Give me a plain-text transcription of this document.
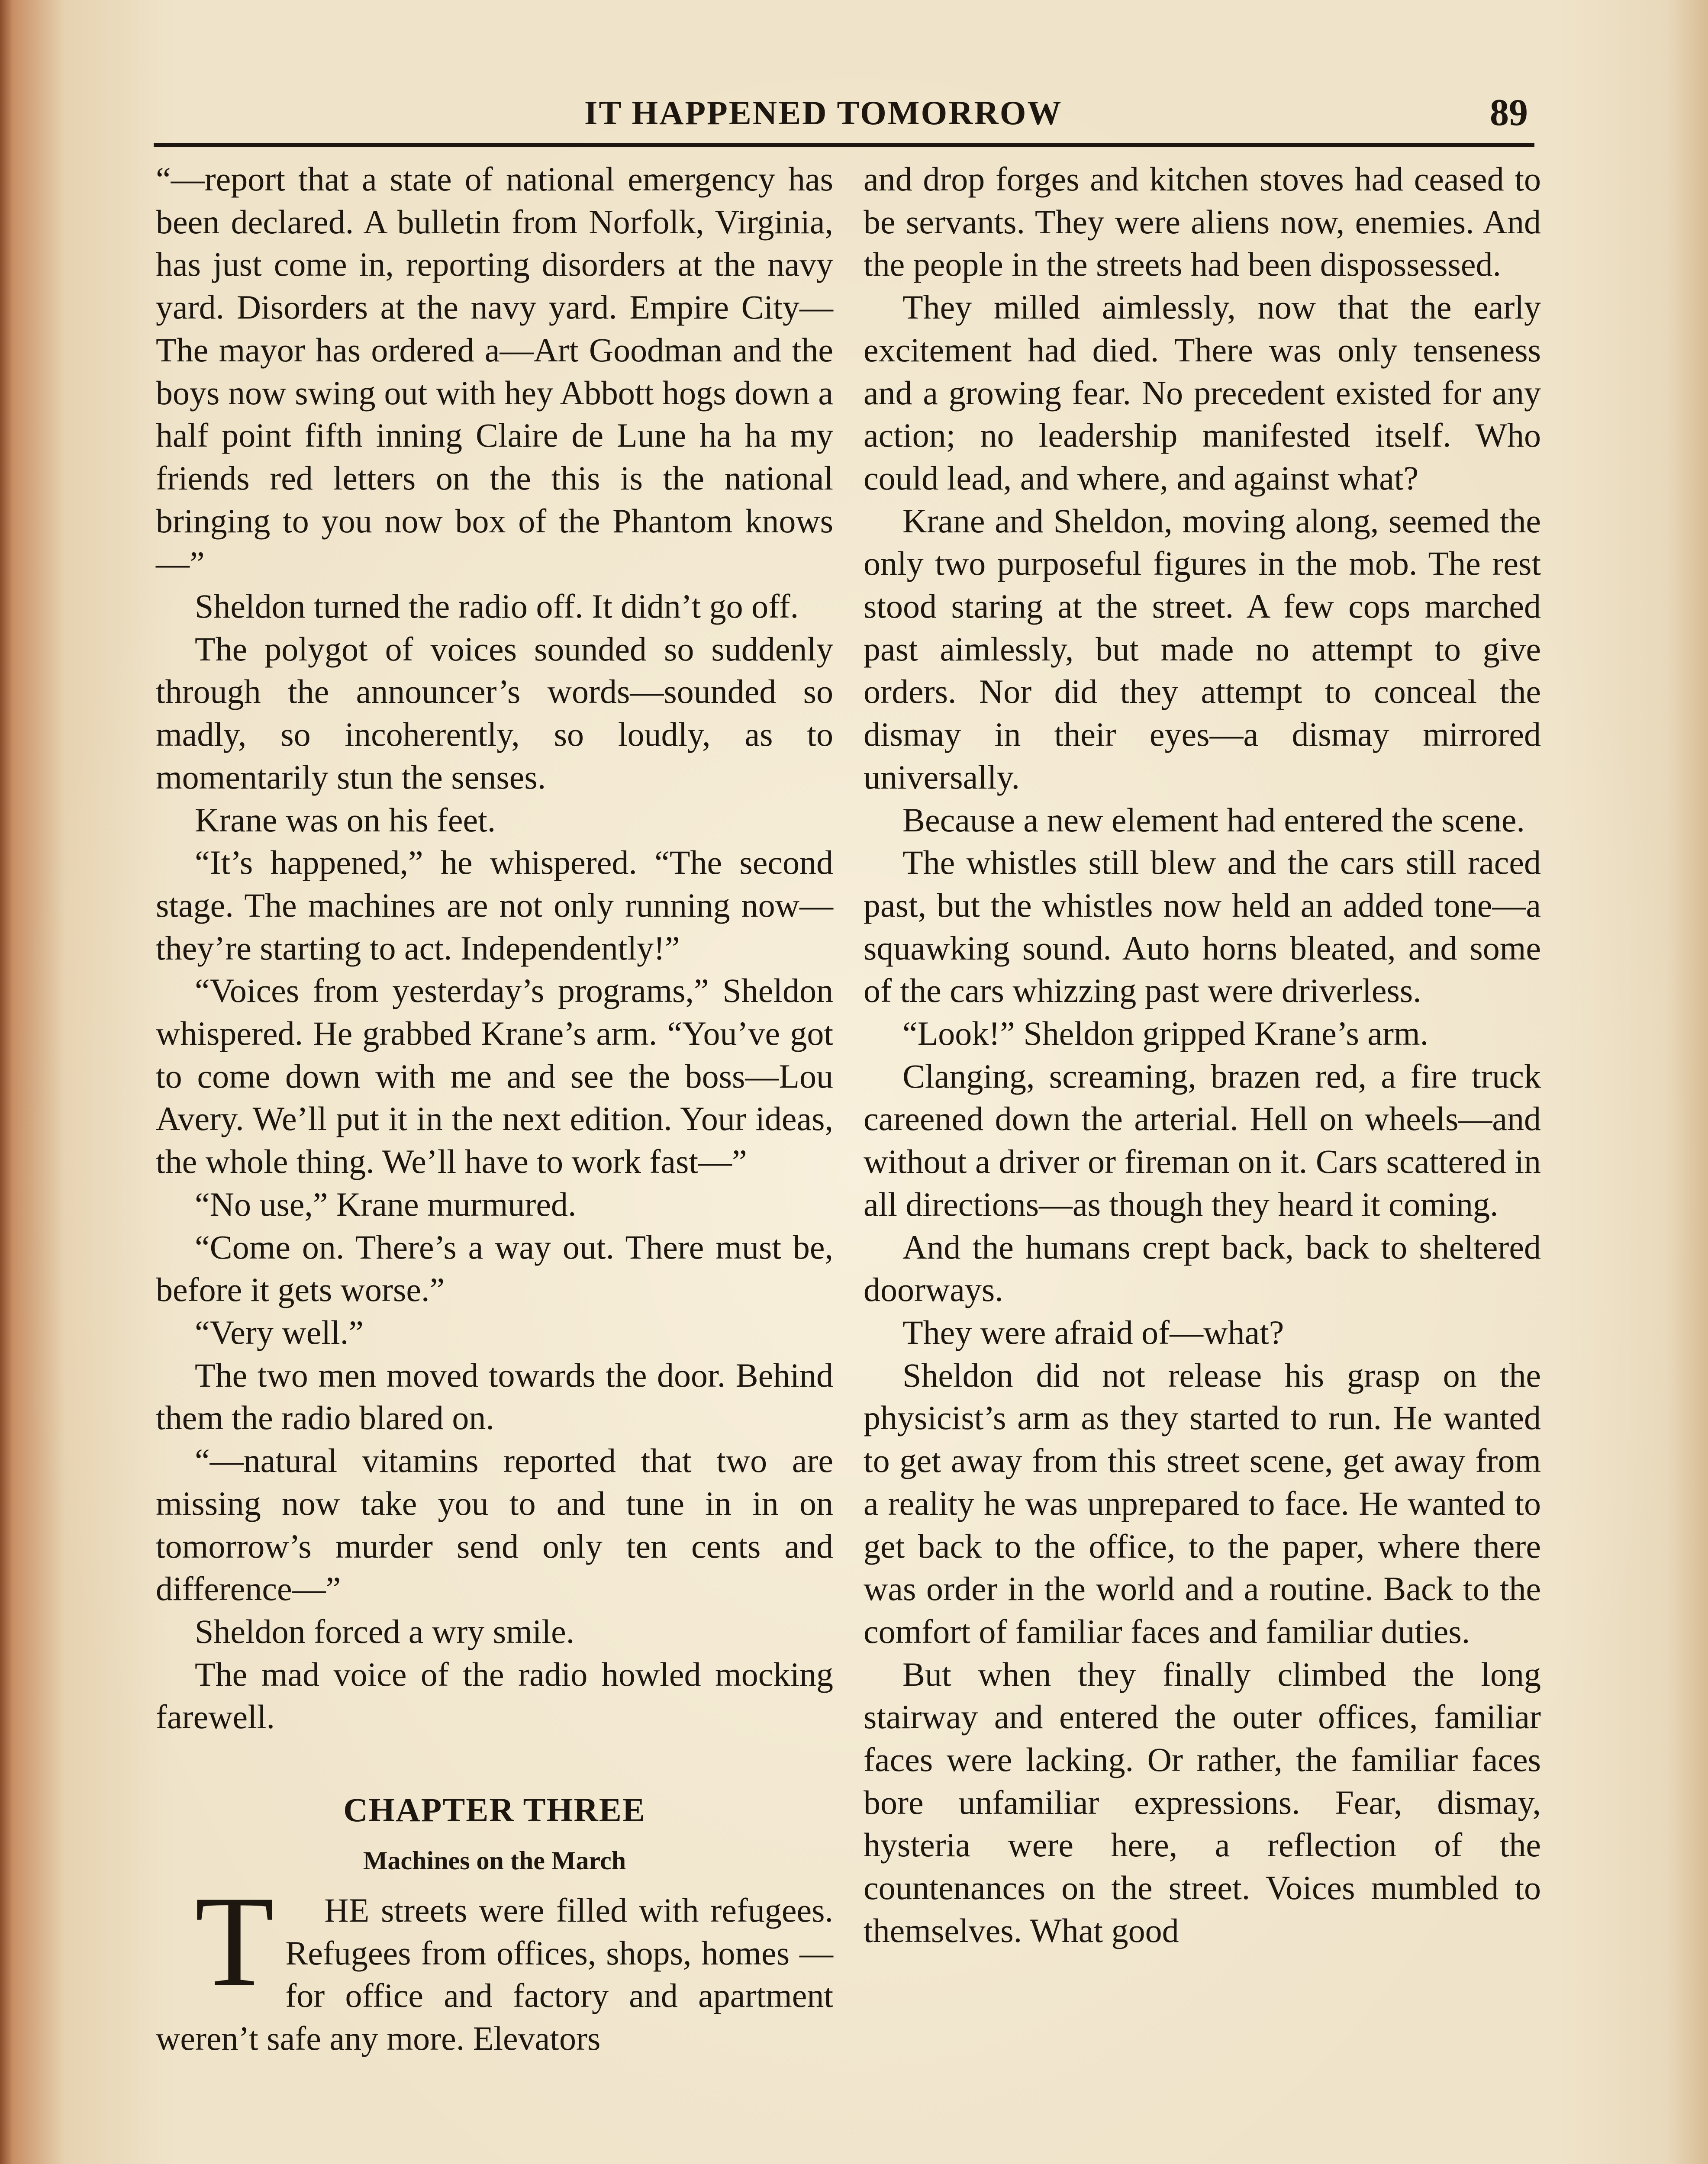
IT HAPPENED TOMORROW	89

“—report that a state of national emergency has been declared. A bulletin from Norfolk, Virginia, has just come in, reporting disorders at the navy yard. Disorders at the navy yard. Empire City—The mayor has ordered a—Art Goodman and the boys now swing out with hey Abbott hogs down a half point fifth inning Claire de Lune ha ha my friends red letters on the this is the national bringing to you now box of the Phantom knows—”

Sheldon turned the radio off. It didn’t go off.

The polygot of voices sounded so suddenly through the announcer’s words—sounded so madly, so incoherently, so loudly, as to momentarily stun the senses.

Krane was on his feet.

“It’s happened,” he whispered. “The second stage. The machines are not only running now—they’re starting to act. Independently!”

“Voices from yesterday’s programs,” Sheldon whispered. He grabbed Krane’s arm. “You’ve got to come down with me and see the boss—Lou Avery. We’ll put it in the next edition. Your ideas, the whole thing. We’ll have to work fast—”

“No use,” Krane murmured.

“Come on. There’s a way out. There must be, before it gets worse.”

“Very well.”

The two men moved towards the door. Behind them the radio blared on.

“—natural vitamins reported that two are missing now take you to and tune in in on tomorrow’s murder send only ten cents and difference—”

Sheldon forced a wry smile.

The mad voice of the radio howled mocking farewell.

CHAPTER THREE
Machines on the March

T HE streets were filled with refugees. Refugees from offices, shops, homes —for office and factory and apartment weren’t safe any more. Elevators

and drop forges and kitchen stoves had ceased to be servants. They were aliens now, enemies. And the people in the streets had been dispossessed.

They milled aimlessly, now that the early excitement had died. There was only tenseness and a growing fear. No precedent existed for any action; no leadership manifested itself. Who could lead, and where, and against what?

Krane and Sheldon, moving along, seemed the only two purposeful figures in the mob. The rest stood staring at the street. A few cops marched past aimlessly, but made no attempt to give orders. Nor did they attempt to conceal the dismay in their eyes—a dismay mirrored universally.

Because a new element had entered the scene.

The whistles still blew and the cars still raced past, but the whistles now held an added tone—a squawking sound. Auto horns bleated, and some of the cars whizzing past were driverless.

“Look!” Sheldon gripped Krane’s arm.

Clanging, screaming, brazen red, a fire truck careened down the arterial. Hell on wheels—and without a driver or fireman on it. Cars scattered in all directions—as though they heard it coming.

And the humans crept back, back to sheltered doorways.

They were afraid of—what?

Sheldon did not release his grasp on the physicist’s arm as they started to run. He wanted to get away from this street scene, get away from a reality he was unprepared to face. He wanted to get back to the office, to the paper, where there was order in the world and a routine. Back to the comfort of familiar faces and familiar duties.

But when they finally climbed the long stairway and entered the outer offices, familiar faces were lacking. Or rather, the familiar faces bore unfamiliar expressions. Fear, dismay, hysteria were here, a reflection of the countenances on the street. Voices mumbled to themselves. What good
